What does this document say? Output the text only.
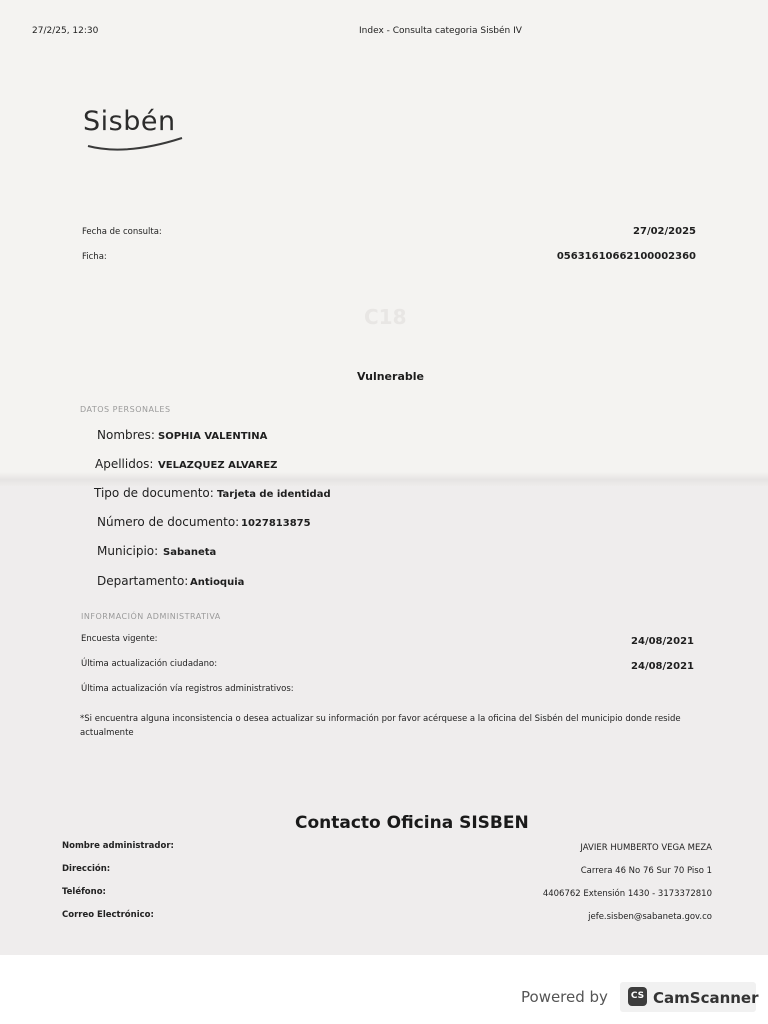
27/2/25, 12:30	Index - Consulta categoria Sisbén IV
Sisbén
Fecha de consulta:	27/02/2025
Ficha:	05631610662100002360
C18
Vulnerable
DATOS PERSONALES
Nombres: SOPHIA VALENTINA
Apellidos: VELAZQUEZ ALVAREZ
Tipo de documento: Tarjeta de identidad
Número de documento: 1027813875
Municipio: Sabaneta
Departamento: Antioquia
INFORMACIÓN ADMINISTRATIVA
Encuesta vigente:	24/08/2021
Última actualización ciudadano:	24/08/2021
Última actualización vía registros administrativos:
*Si encuentra alguna inconsistencia o desea actualizar su información por favor acérquese a la oficina del Sisbén del municipio donde reside actualmente
Contacto Oficina SISBEN
Nombre administrador:	JAVIER HUMBERTO VEGA MEZA
Dirección:	Carrera 46 No 76 Sur 70 Piso 1
Teléfono:	4406762 Extensión 1430 - 3173372810
Correo Electrónico:	jefe.sisben@sabaneta.gov.co
Powered by	CS CamScanner
